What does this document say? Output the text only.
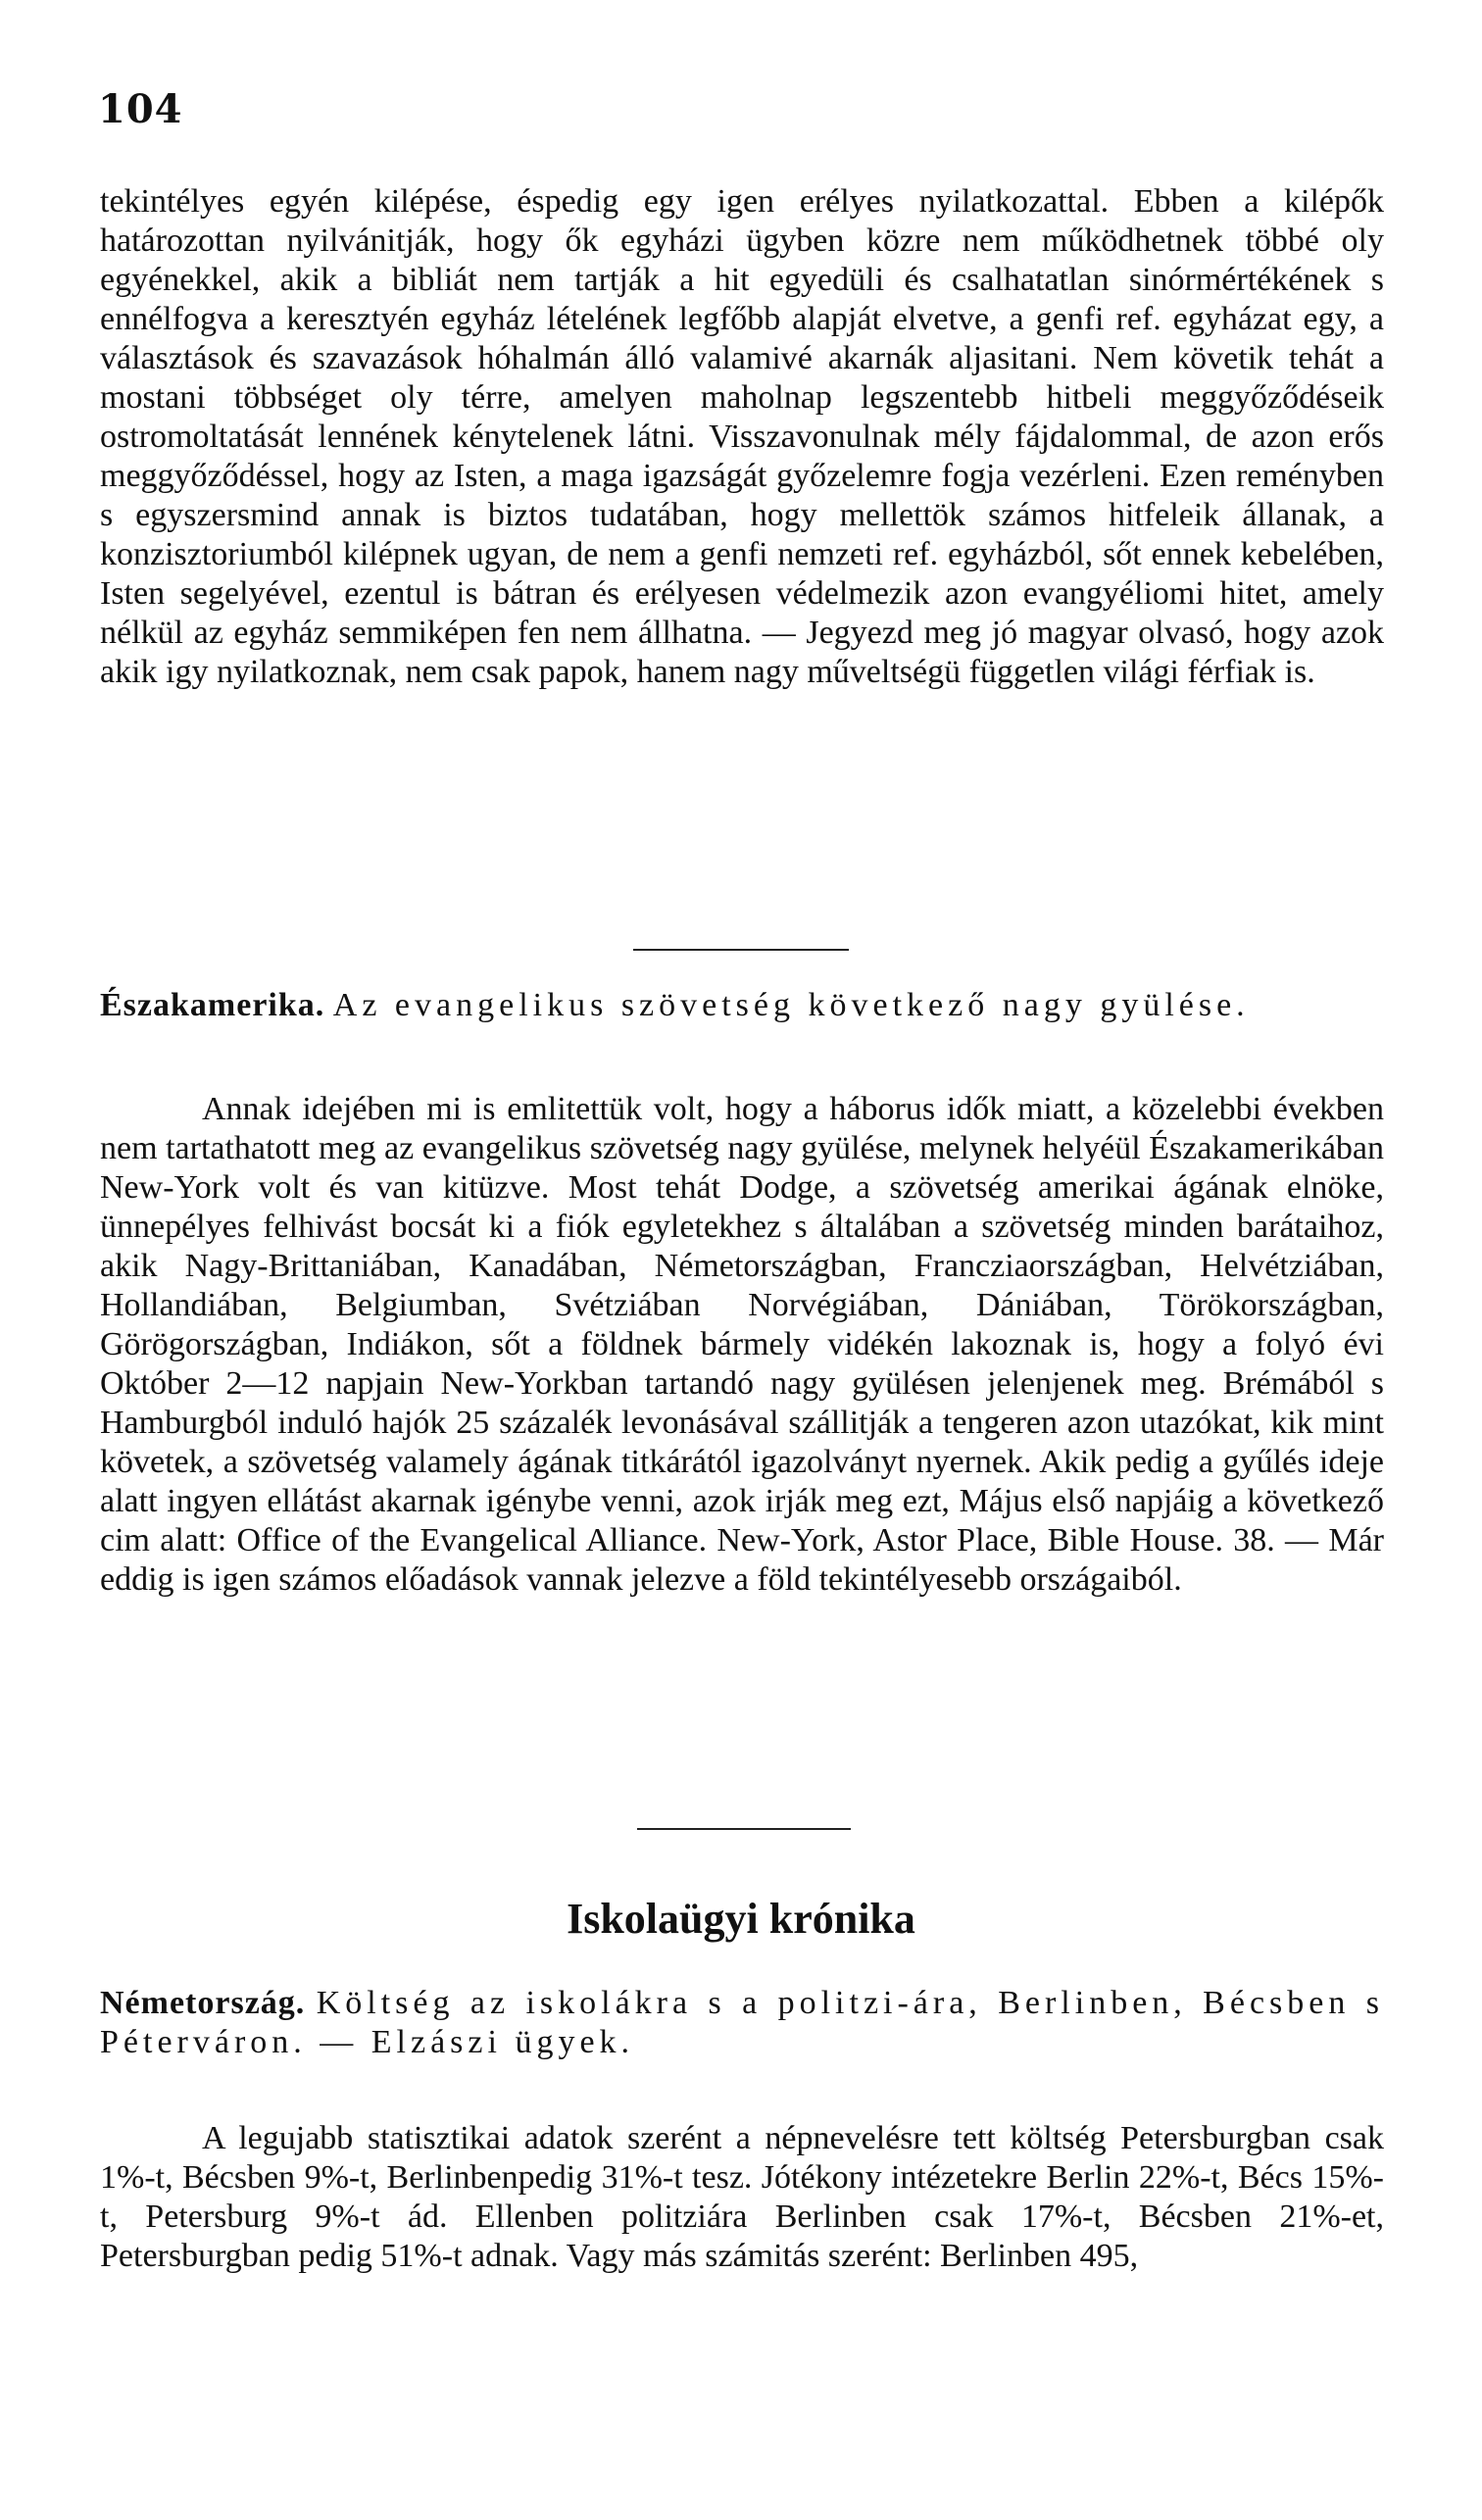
104
tekintélyes egyén kilépése, éspedig egy igen erélyes nyilatkozattal. Ebben a kilépők határozottan nyilvánitják, hogy ők egyházi ügyben közre nem működhetnek többé oly egyénekkel, akik a bibliát nem tartják a hit egyedüli és csalhatatlan sinórmértékének s ennélfogva a keresztyén egyház lételének legfőbb alapját elvetve, a genfi ref. egyházat egy, a választások és szavazások hóhalmán álló valamivé akarnák aljasitani. Nem követik tehát a mostani többséget oly térre, amelyen maholnap legszentebb hitbeli meggyőződéseik ostromoltatását lennének kénytelenek látni. Visszavonulnak mély fájdalommal, de azon erős meggyőződéssel, hogy az Isten, a maga igazságát győzelemre fogja vezérleni. Ezen reményben s egyszersmind annak is biztos tudatában, hogy mellettök számos hitfeleik állanak, a konzisztoriumból kilépnek ugyan, de nem a genfi nemzeti ref. egyházból, sőt ennek kebelében, Isten segelyével, ezentul is bátran és erélyesen védelmezik azon evangyéliomi hitet, amely nélkül az egyház semmiképen fen nem állhatna. — Jegyezd meg jó magyar olvasó, hogy azok akik igy nyilatkoznak, nem csak papok, hanem nagy műveltségü független világi férfiak is.
Északamerika. Az evangelikus szövetség következő nagy gyülése.
Annak idejében mi is emlitettük volt, hogy a háborus idők miatt, a közelebbi években nem tartathatott meg az evangelikus szövetség nagy gyülése, melynek helyéül Északamerikában New-York volt és van kitüzve. Most tehát Dodge, a szövetség amerikai ágának elnöke, ünnepélyes felhivást bocsát ki a fiók egyletekhez s általában a szövetség minden barátaihoz, akik Nagy-Brittaniában, Kanadában, Németországban, Francziaországban, Helvétziában, Hollandiában, Belgiumban, Svétziában Norvégiában, Dániában, Törökországban, Görögországban, Indiákon, sőt a földnek bármely vidékén lakoznak is, hogy a folyó évi Október 2—12 napjain New-Yorkban tartandó nagy gyülésen jelenjenek meg. Brémából s Hamburgból induló hajók 25 százalék levonásával szállitják a tengeren azon utazókat, kik mint követek, a szövetség valamely ágának titkárától igazolványt nyernek. Akik pedig a gyűlés ideje alatt ingyen ellátást akarnak igénybe venni, azok irják meg ezt, Május első napjáig a következő cim alatt: Office of the Evangelical Alliance. New-York, Astor Place, Bible House. 38. — Már eddig is igen számos előadások vannak jelezve a föld tekintélyesebb országaiból.
Iskolaügyi krónika
Németország. Költség az iskolákra s a politzi-ára, Berlinben, Bécsben s Péterváron. — Elzászi ügyek.
A legujabb statisztikai adatok szerént a népnevelésre tett költség Petersburgban csak 1%-t, Bécsben 9%-t, Berlinbenpedig 31%-t tesz. Jótékony intézetekre Berlin 22%-t, Bécs 15%-t, Petersburg 9%-t ád. Ellenben politziára Berlinben csak 17%-t, Bécsben 21%-et, Petersburgban pedig 51%-t adnak. Vagy más számitás szerént: Berlinben 495,
